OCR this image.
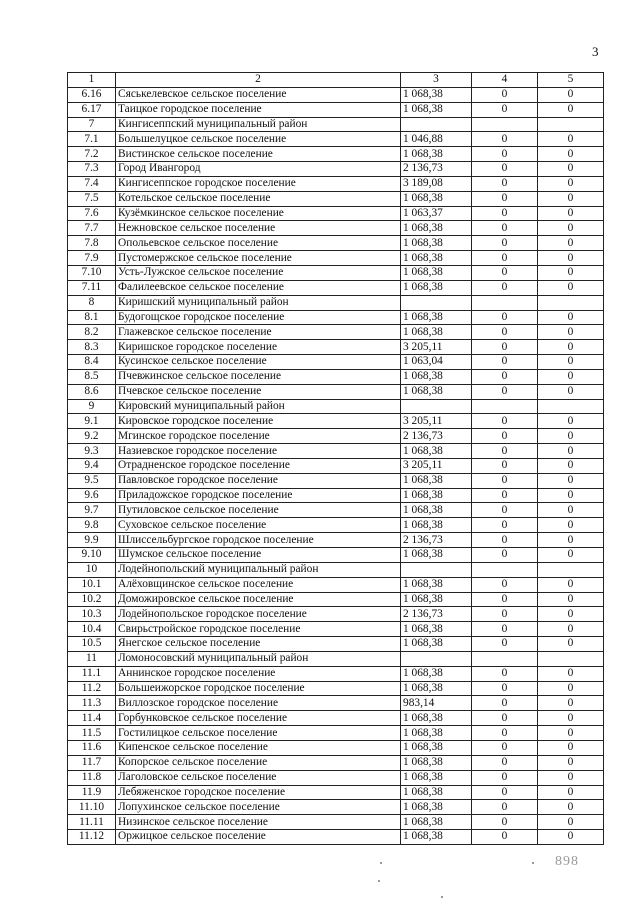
3
1	2	3	4	5
6.16	Сяськелевское сельское поселение	1 068,38	0	0
6.17	Таицкое городское поселение	1 068,38	0	0
7	Кингисеппский муниципальный район			
7.1	Большелуцкое сельское поселение	1 046,88	0	0
7.2	Вистинское сельское поселение	1 068,38	0	0
7.3	Город Ивангород	2 136,73	0	0
7.4	Кингисеппское городское поселение	3 189,08	0	0
7.5	Котельское сельское поселение	1 068,38	0	0
7.6	Кузёмкинское сельское поселение	1 063,37	0	0
7.7	Нежновское сельское поселение	1 068,38	0	0
7.8	Опольевское сельское поселение	1 068,38	0	0
7.9	Пустомержское сельское поселение	1 068,38	0	0
7.10	Усть-Лужское сельское поселение	1 068,38	0	0
7.11	Фалилеевское сельское поселение	1 068,38	0	0
8	Киришский муниципальный район			
8.1	Будогощское городское поселение	1 068,38	0	0
8.2	Глажевское сельское поселение	1 068,38	0	0
8.3	Киришское городское поселение	3 205,11	0	0
8.4	Кусинское сельское поселение	1 063,04	0	0
8.5	Пчевжинское сельское поселение	1 068,38	0	0
8.6	Пчевское сельское поселение	1 068,38	0	0
9	Кировский муниципальный район			
9.1	Кировское городское поселение	3 205,11	0	0
9.2	Мгинское городское поселение	2 136,73	0	0
9.3	Назиевское городское поселение	1 068,38	0	0
9.4	Отрадненское городское поселение	3 205,11	0	0
9.5	Павловское городское поселение	1 068,38	0	0
9.6	Приладожское городское поселение	1 068,38	0	0
9.7	Путиловское сельское поселение	1 068,38	0	0
9.8	Суховское сельское поселение	1 068,38	0	0
9.9	Шлиссельбургское городское поселение	2 136,73	0	0
9.10	Шумское сельское поселение	1 068,38	0	0
10	Лодейнопольский муниципальный район			
10.1	Алёховщинское сельское поселение	1 068,38	0	0
10.2	Доможировское сельское поселение	1 068,38	0	0
10.3	Лодейнопольское городское поселение	2 136,73	0	0
10.4	Свирьстройское городское поселение	1 068,38	0	0
10.5	Янегское сельское поселение	1 068,38	0	0
11	Ломоносовский муниципальный район			
11.1	Аннинское городское поселение	1 068,38	0	0
11.2	Большеижорское городское поселение	1 068,38	0	0
11.3	Виллозское городское поселение	983,14	0	0
11.4	Горбунковское сельское поселение	1 068,38	0	0
11.5	Гостилицкое сельское поселение	1 068,38	0	0
11.6	Кипенское сельское поселение	1 068,38	0	0
11.7	Копорское сельское поселение	1 068,38	0	0
11.8	Лаголовское сельское поселение	1 068,38	0	0
11.9	Лебяженское городское поселение	1 068,38	0	0
11.10	Лопухинское сельское поселение	1 068,38	0	0
11.11	Низинское сельское поселение	1 068,38	0	0
11.12	Оржицкое сельское поселение	1 068,38	0	0
898
